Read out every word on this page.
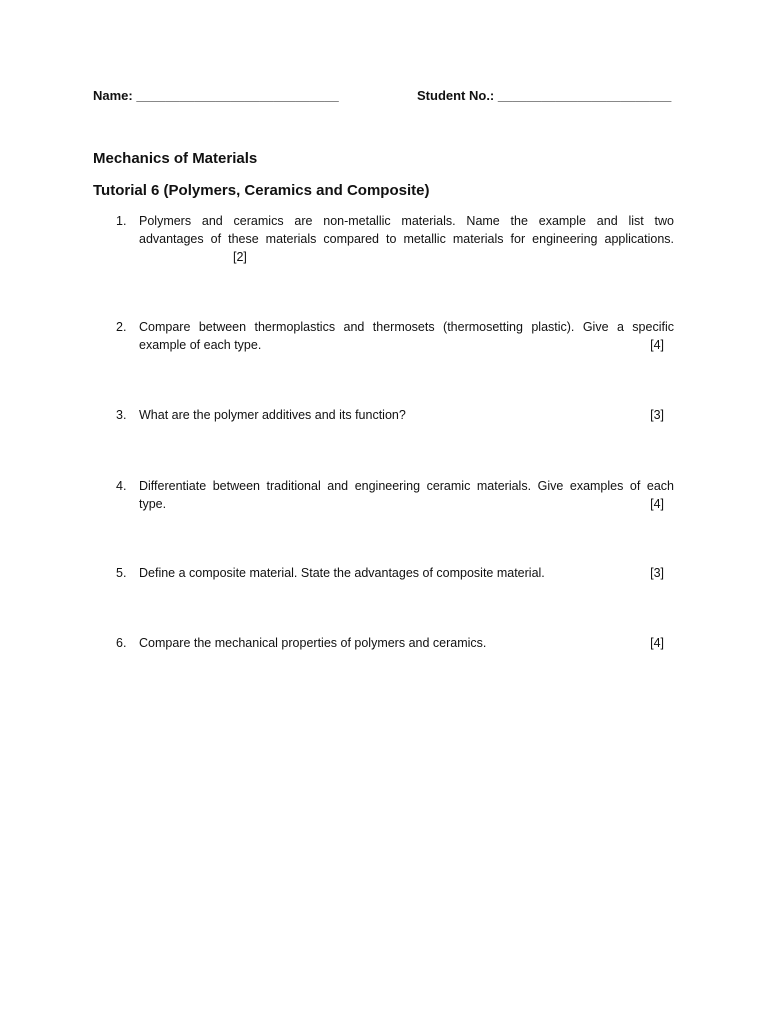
Name: ____________________________	Student No.: ________________________
Mechanics of Materials
Tutorial 6 (Polymers, Ceramics and Composite)
1.	Polymers and ceramics are non-metallic materials. Name the example and list two
advantages of these materials compared to metallic materials for engineering applications.
[2]
2.	Compare between thermoplastics and thermosets (thermosetting plastic). Give a specific
example of each type.	[4]
3.	What are the polymer additives and its function?	[3]
4.	Differentiate between traditional and engineering ceramic materials. Give examples of each
type.	[4]
5.	Define a composite material. State the advantages of composite material.	[3]
6.	Compare the mechanical properties of polymers and ceramics.	[4]
